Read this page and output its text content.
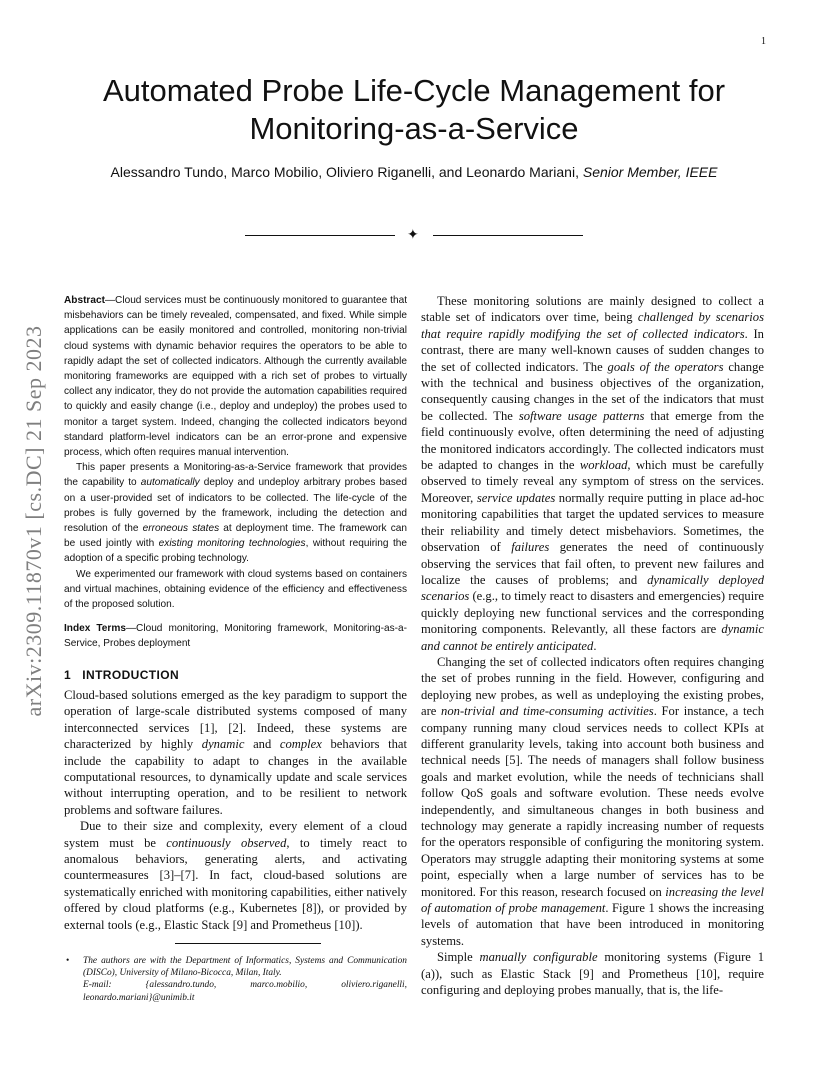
1
arXiv:2309.11870v1 [cs.DC] 21 Sep 2023
Automated Probe Life-Cycle Management for
Monitoring-as-a-Service
Alessandro Tundo, Marco Mobilio, Oliviero Riganelli, and Leonardo Mariani, Senior Member, IEEE
✦

Abstract—Cloud services must be continuously monitored to guarantee that misbehaviors can be timely revealed, compensated, and fixed. While simple applications can be easily monitored and controlled, monitoring non-trivial cloud systems with dynamic behavior requires the operators to be able to rapidly adapt the set of collected indicators. Although the currently available monitoring frameworks are equipped with a rich set of probes to virtually collect any indicator, they do not provide the automation capabilities required to quickly and easily change (i.e., deploy and undeploy) the probes used to monitor a target system. Indeed, changing the collected indicators beyond standard platform-level indicators can be an error-prone and expensive process, which often requires manual intervention.

This paper presents a Monitoring-as-a-Service framework that provides the capability to automatically deploy and undeploy arbitrary probes based on a user-provided set of indicators to be collected. The life-cycle of the probes is fully governed by the framework, including the detection and resolution of the erroneous states at deployment time. The framework can be used jointly with existing monitoring technologies, without requiring the adoption of a specific probing technology.

We experimented our framework with cloud systems based on containers and virtual machines, obtaining evidence of the efficiency and effectiveness of the proposed solution.

Index Terms—Cloud monitoring, Monitoring framework, Monitoring-as-a-Service, Probes deployment

1 INTRODUCTION

Cloud-based solutions emerged as the key paradigm to support the operation of large-scale distributed systems composed of many interconnected services [1], [2]. Indeed, these systems are characterized by highly dynamic and complex behaviors that include the capability to adapt to changes in the available computational resources, to dynamically update and scale services without interrupting operation, and to be resilient to network problems and software failures.

Due to their size and complexity, every element of a cloud system must be continuously observed, to timely react to anomalous behaviors, generating alerts, and activating countermeasures [3]–[7]. In fact, cloud-based solutions are systematically enriched with monitoring capabilities, either natively offered by cloud platforms (e.g., Kubernetes [8]), or provided by external tools (e.g., Elastic Stack [9] and Prometheus [10]).

• The authors are with the Department of Informatics, Systems and Communication (DISCo), University of Milano-Bicocca, Milan, Italy.
E-mail: {alessandro.tundo, marco.mobilio, oliviero.riganelli, leonardo.mariani}@unimib.it

These monitoring solutions are mainly designed to collect a stable set of indicators over time, being challenged by scenarios that require rapidly modifying the set of collected indicators. In contrast, there are many well-known causes of sudden changes to the set of collected indicators. The goals of the operators change with the technical and business objectives of the organization, consequently causing changes in the set of the indicators that must be collected. The software usage patterns that emerge from the field continuously evolve, often determining the need of adjusting the monitored indicators accordingly. The collected indicators must be adapted to changes in the workload, which must be carefully observed to timely reveal any symptom of stress on the services. Moreover, service updates normally require putting in place ad-hoc monitoring capabilities that target the updated services to measure their reliability and timely detect misbehaviors. Sometimes, the observation of failures generates the need of continuously observing the services that fail often, to prevent new failures and localize the causes of problems; and dynamically deployed scenarios (e.g., to timely react to disasters and emergencies) require quickly deploying new functional services and the corresponding monitoring components. Relevantly, all these factors are dynamic and cannot be entirely anticipated.

Changing the set of collected indicators often requires changing the set of probes running in the field. However, configuring and deploying new probes, as well as undeploying the existing probes, are non-trivial and time-consuming activities. For instance, a tech company running many cloud services needs to collect KPIs at different granularity levels, taking into account both business and technical needs [5]. The needs of managers shall follow business goals and market evolution, while the needs of technicians shall follow QoS goals and software evolution. These needs evolve independently, and simultaneous changes in both business and technology may generate a rapidly increasing number of requests for the operators responsible of configuring the monitoring system. Operators may struggle adapting their monitoring systems at some point, especially when a large number of services has to be monitored. For this reason, research focused on increasing the level of automation of probe management. Figure 1 shows the increasing levels of automation that have been introduced in monitoring systems.

Simple manually configurable monitoring systems (Figure 1 (a)), such as Elastic Stack [9] and Prometheus [10], require configuring and deploying probes manually, that is, the life-
